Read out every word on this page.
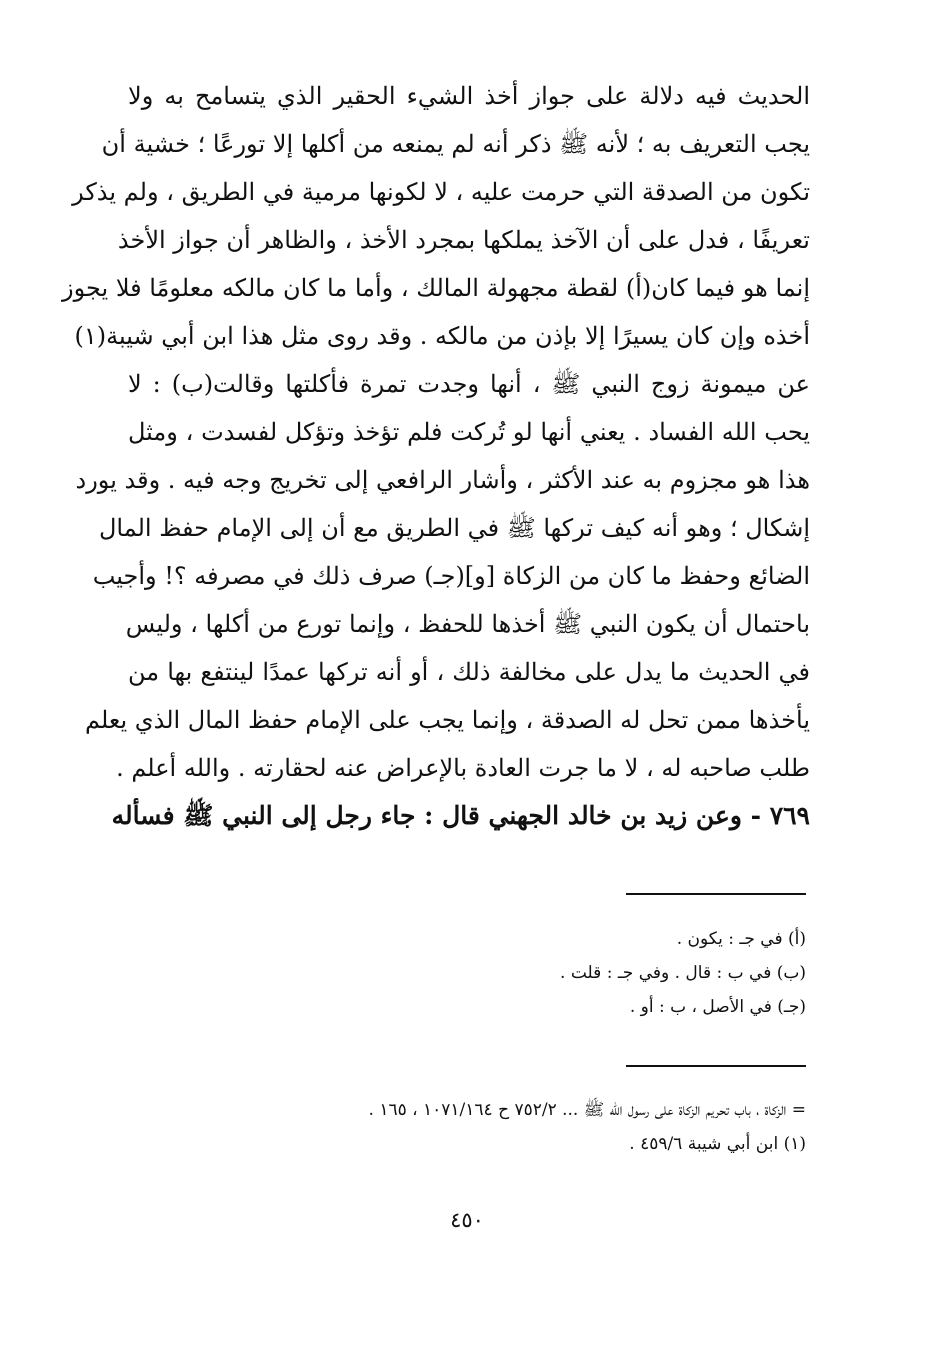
الحديث فيه دلالة على جواز أخذ الشيء الحقير الذي يتسامح به ولا
يجب التعريف به ؛ لأنه ﷺ ذكر أنه لم يمنعه من أكلها إلا تورعًا ؛ خشية أن
تكون من الصدقة التي حرمت عليه ، لا لكونها مرمية في الطريق ، ولم يذكر
تعريفًا ، فدل على أن الآخذ يملكها بمجرد الأخذ ، والظاهر أن جواز الأخذ
إنما هو فيما كان(أ) لقطة مجهولة المالك ، وأما ما كان مالكه معلومًا فلا يجوز
أخذه وإن كان يسيرًا إلا بإذن من مالكه . وقد روى مثل هذا ابن أبي شيبة(١)
عن ميمونة زوج النبي ﷺ ، أنها وجدت تمرة فأكلتها وقالت(ب) : لا
يحب الله الفساد . يعني أنها لو تُركت فلم تؤخذ وتؤكل لفسدت ، ومثل
هذا هو مجزوم به عند الأكثر ، وأشار الرافعي إلى تخريج وجه فيه . وقد يورد
إشكال ؛ وهو أنه كيف تركها ﷺ في الطريق مع أن إلى الإمام حفظ المال
الضائع وحفظ ما كان من الزكاة [و](جـ) صرف ذلك في مصرفه ؟! وأجيب
باحتمال أن يكون النبي ﷺ أخذها للحفظ ، وإنما تورع من أكلها ، وليس
في الحديث ما يدل على مخالفة ذلك ، أو أنه تركها عمدًا لينتفع بها من
يأخذها ممن تحل له الصدقة ، وإنما يجب على الإمام حفظ المال الذي يعلم
طلب صاحبه له ، لا ما جرت العادة بالإعراض عنه لحقارته . والله أعلم .
٧٦٩ - وعن زيد بن خالد الجهني قال : جاء رجل إلى النبي ﷺ فسأله
(أ) في جـ : يكون .
(ب) في ب : قال . وفي جـ : قلت .
(جـ) في الأصل ، ب : أو .
= الزكاة ، باب تحريم الزكاة على رسول الله ﷺ ... ٧٥٢/٢ ح ١٠٧١/١٦٤ ، ١٦٥ .
(١) ابن أبي شيبة ٤٥٩/٦ .
٤٥٠
